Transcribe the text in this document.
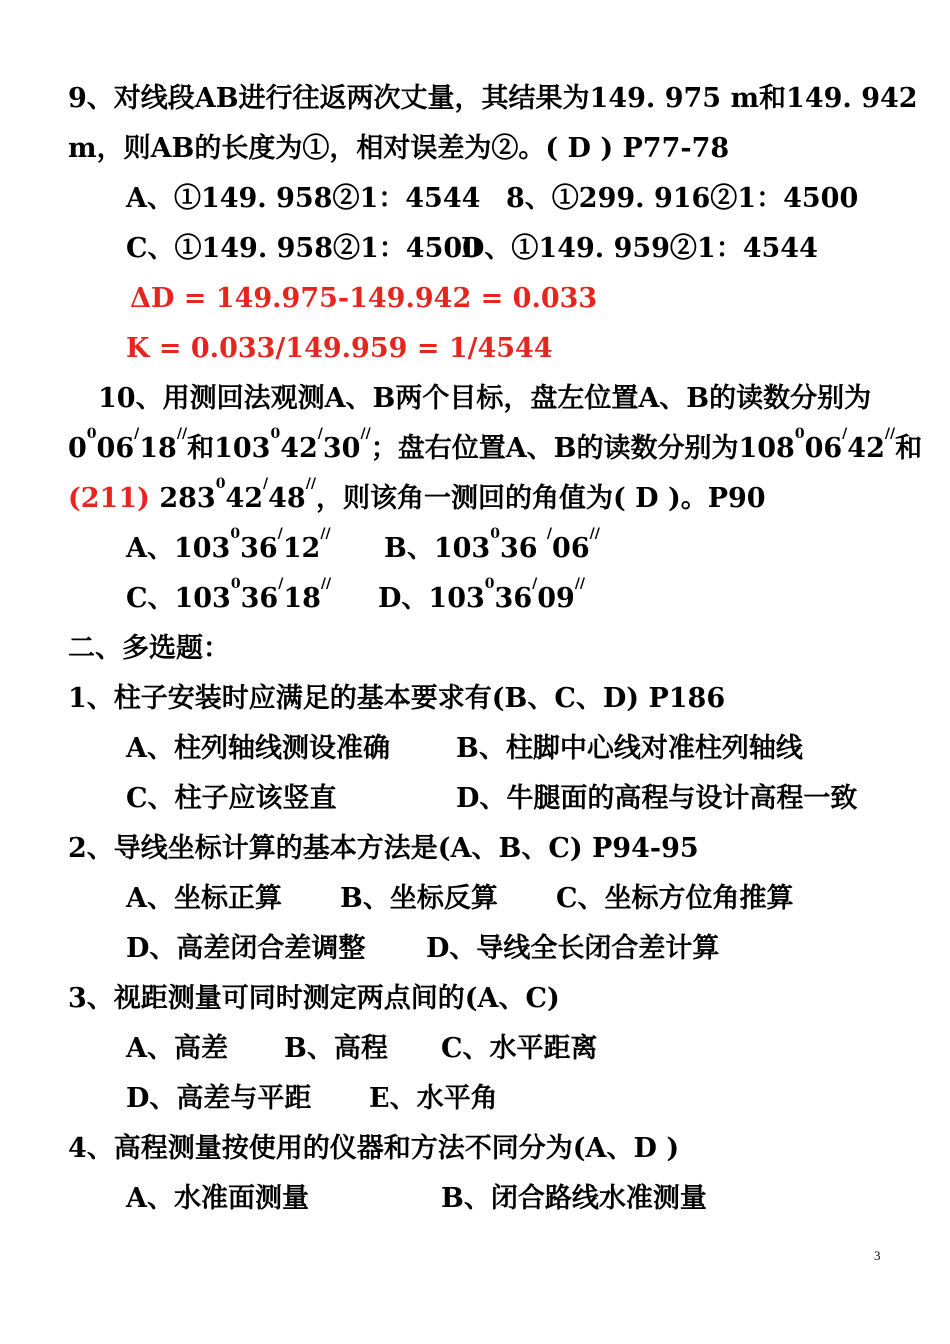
9、对线段AB进行往返两次丈量，其结果为149. 975 m和149. 942
m，则AB的长度为①，相对误差为②。( D ) P77-78
A、①149. 958②1：4544 8、①299. 916②1：4500
C、①149. 958②1：4500
D、①149. 959②1：4544
ΔD = 149.975-149.942 = 0.033
K = 0.033/149.959 = 1/4544
10、用测回法观测A、B两个目标，盘左位置A、B的读数分别为
$0^006^/18^{//}$和$103^042^/30^{//}$；盘右位置A、B的读数分别为$108^006^/42^{//}$和
(211) $283^042^/48^{//}$，则该角一测回的角值为( D )。P90
A、$103^036^/12^{//}$ B、$103^036$ /06//
C、$103^036^/18^{//}$ D、$103^036^/09^{//}$
二、多选题：
1、柱子安装时应满足的基本要求有(B、C、D) P186
A、柱列轴线测设准确 B、柱脚中心线对准柱列轴线
C、柱子应该竖直	D、牛腿面的高程与设计高程一致
2、导线坐标计算的基本方法是(A、B、C) P94-95
A、坐标正算 B、坐标反算 C、坐标方位角推算
D、高差闭合差调整 D、导线全长闭合差计算
3、视距测量可同时测定两点间的(A、C)
A、高差 B、高程 C、水平距离
D、高差与平距 E、水平角
4、高程测量按使用的仪器和方法不同分为(A、D )
A、水准面测量	B、闭合路线水准测量
3
